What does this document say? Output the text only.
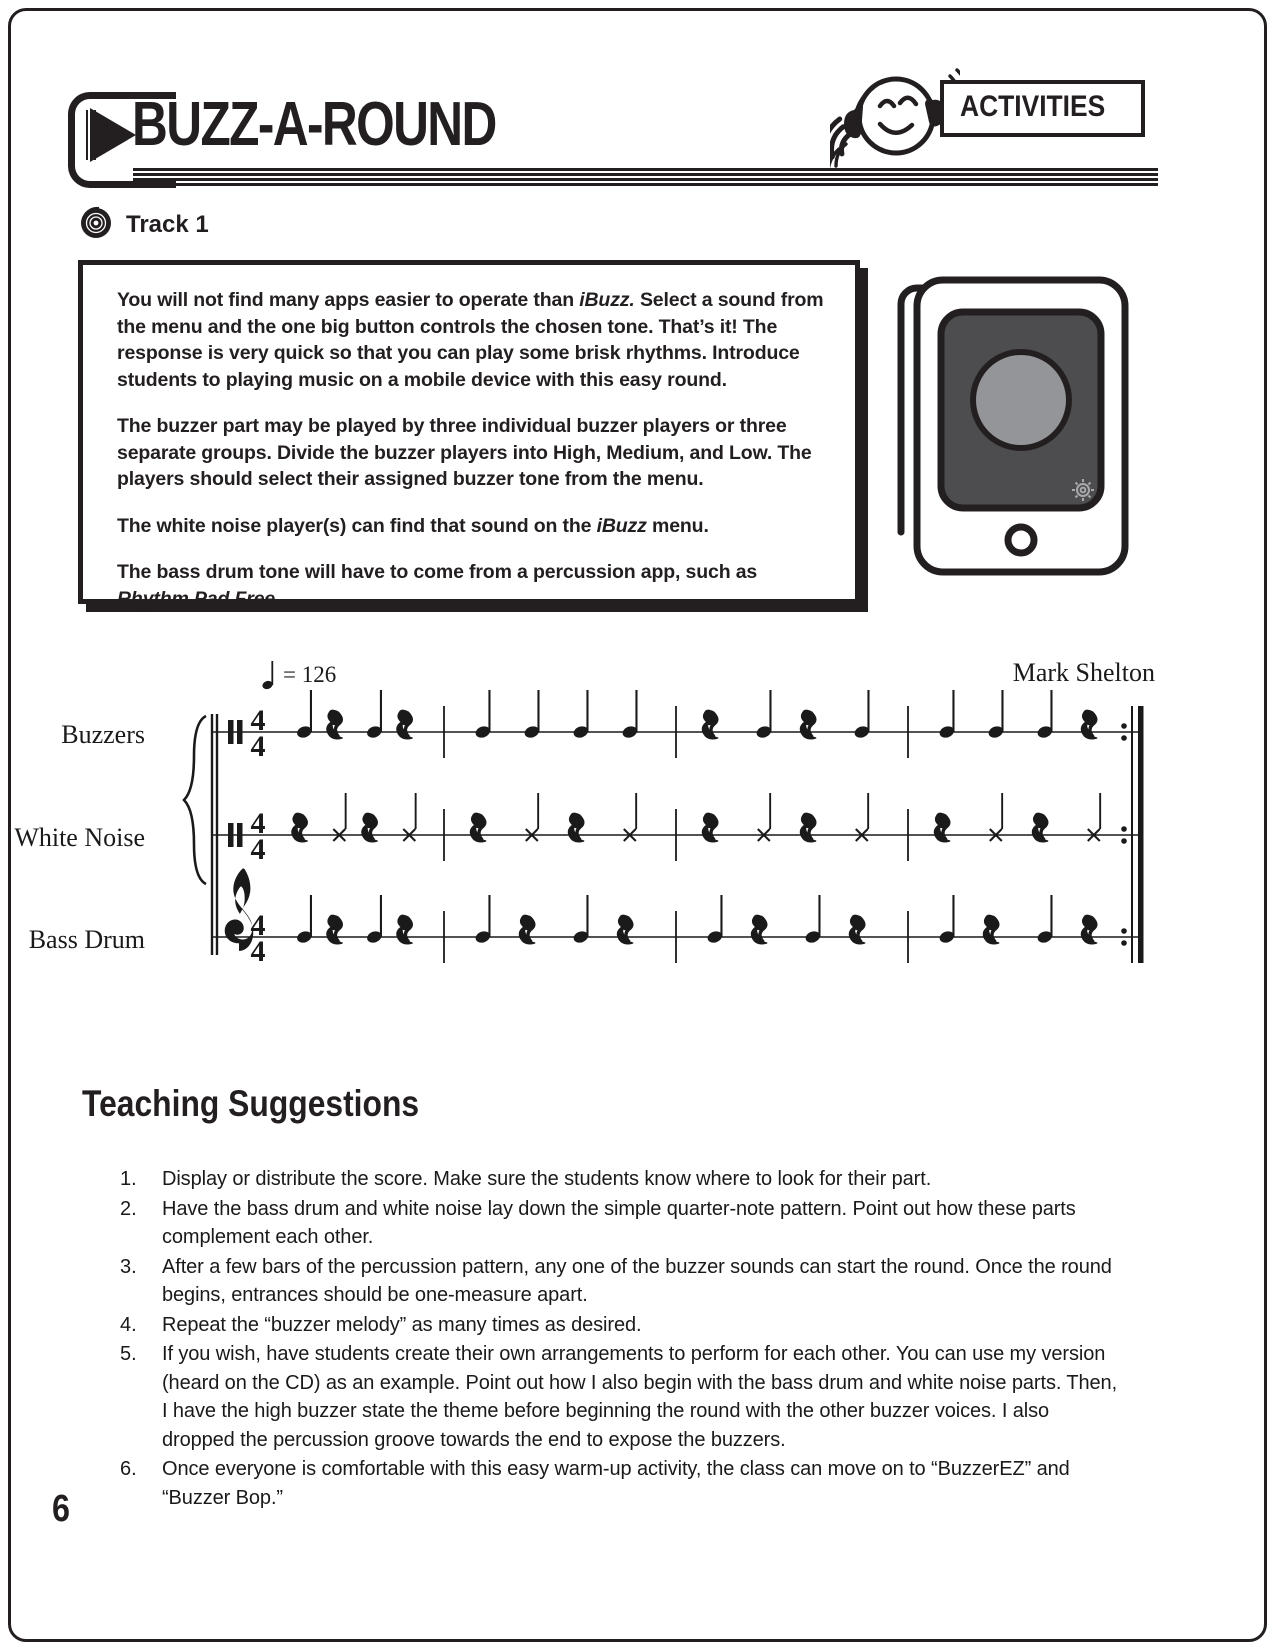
BUZZ-A-ROUND	ACTIVITIES
Track 1

You will not find many apps easier to operate than iBuzz. Select a sound from the menu and the one big button controls the chosen tone. That’s it! The response is very quick so that you can play some brisk rhythms. Introduce students to playing music on a mobile device with this easy round.

The buzzer part may be played by three individual buzzer players or three separate groups. Divide the buzzer players into High, Medium, and Low. The players should select their assigned buzzer tone from the menu.

The white noise player(s) can find that sound on the iBuzz menu.

The bass drum tone will have to come from a percussion app, such as Rhythm Pad Free.

= 126	Mark Shelton
Buzzers
White Noise
Bass Drum
4
4
4
4
4
4
Teaching Suggestions
1.	Display or distribute the score. Make sure the students know where to look for their part.
2.	Have the bass drum and white noise lay down the simple quarter-note pattern. Point out how these parts complement each other.
3.	After a few bars of the percussion pattern, any one of the buzzer sounds can start the round. Once the round begins, entrances should be one-measure apart.
4.	Repeat the “buzzer melody” as many times as desired.
5.	If you wish, have students create their own arrangements to perform for each other. You can use my version (heard on the CD) as an example. Point out how I also begin with the bass drum and white noise parts. Then, I have the high buzzer state the theme before beginning the round with the other buzzer voices. I also dropped the percussion groove towards the end to expose the buzzers.
6.	Once everyone is comfortable with this easy warm-up activity, the class can move on to “BuzzerEZ” and “Buzzer Bop.”
6
